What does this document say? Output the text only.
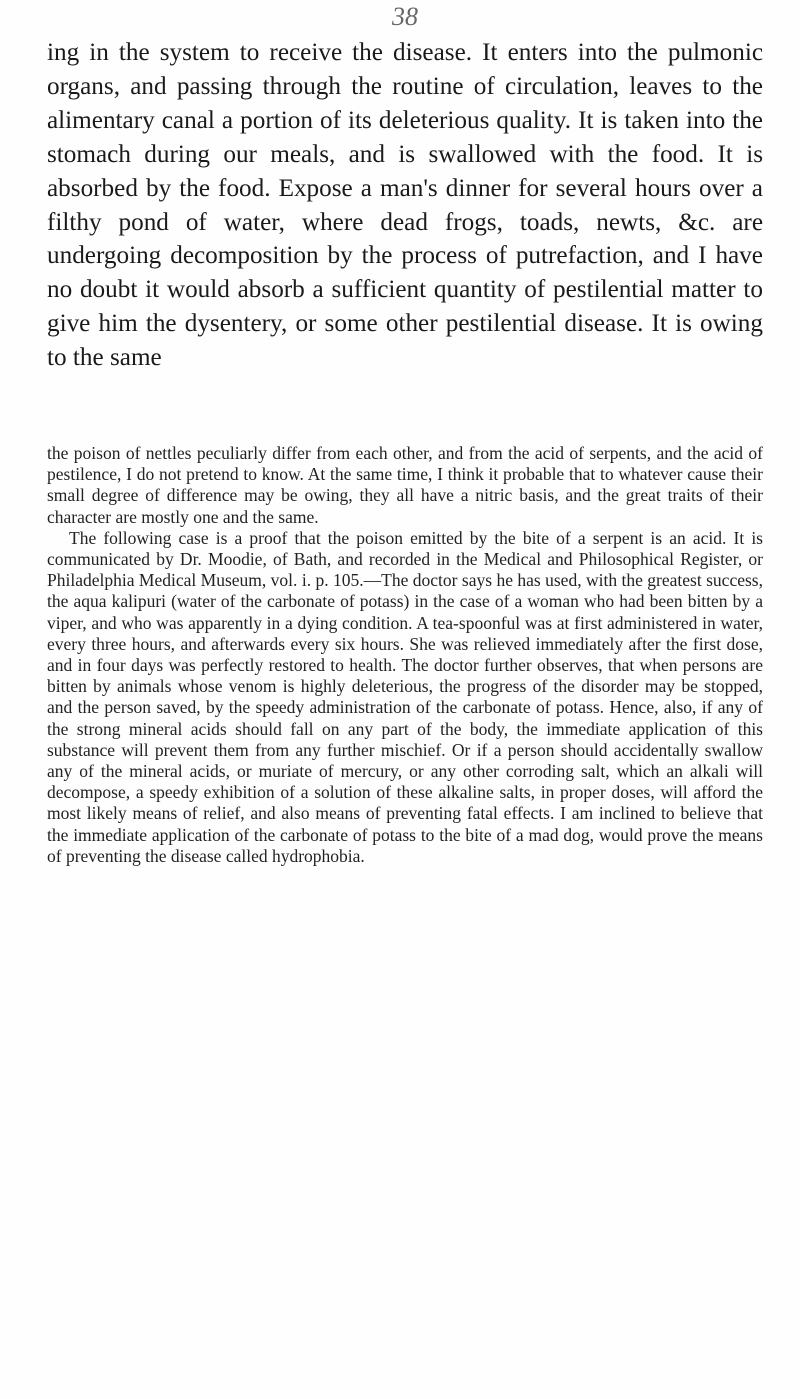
38

ing in the system to receive the disease. It enters into the pulmonic organs, and passing through the routine of circulation, leaves to the alimentary canal a portion of its deleterious quality. It is taken into the stomach during our meals, and is swallowed with the food. It is absorbed by the food. Expose a man's dinner for several hours over a filthy pond of water, where dead frogs, toads, newts, &c. are undergoing decomposition by the process of putrefaction, and I have no doubt it would absorb a sufficient quantity of pestilential matter to give him the dysentery, or some other pestilential disease. It is owing to the same

the poison of nettles peculiarly differ from each other, and from the acid of serpents, and the acid of pestilence, I do not pretend to know. At the same time, I think it probable that to whatever cause their small degree of difference may be owing, they all have a nitric basis, and the great traits of their character are mostly one and the same.

The following case is a proof that the poison emitted by the bite of a serpent is an acid. It is communicated by Dr. Moodie, of Bath, and recorded in the Medical and Philosophical Register, or Philadelphia Medical Museum, vol. i. p. 105.—The doctor says he has used, with the greatest success, the aqua kalipuri (water of the carbonate of potass) in the case of a woman who had been bitten by a viper, and who was apparently in a dying condition. A tea-spoonful was at first administered in water, every three hours, and afterwards every six hours. She was relieved immediately after the first dose, and in four days was perfectly restored to health. The doctor further observes, that when persons are bitten by animals whose venom is highly deleterious, the progress of the disorder may be stopped, and the person saved, by the speedy administration of the carbonate of potass. Hence, also, if any of the strong mineral acids should fall on any part of the body, the immediate application of this substance will prevent them from any further mischief. Or if a person should accidentally swallow any of the mineral acids, or muriate of mercury, or any other corroding salt, which an alkali will decompose, a speedy exhibition of a solution of these alkaline salts, in proper doses, will afford the most likely means of relief, and also means of preventing fatal effects. I am inclined to believe that the immediate application of the carbonate of potass to the bite of a mad dog, would prove the means of preventing the disease called hydrophobia.
